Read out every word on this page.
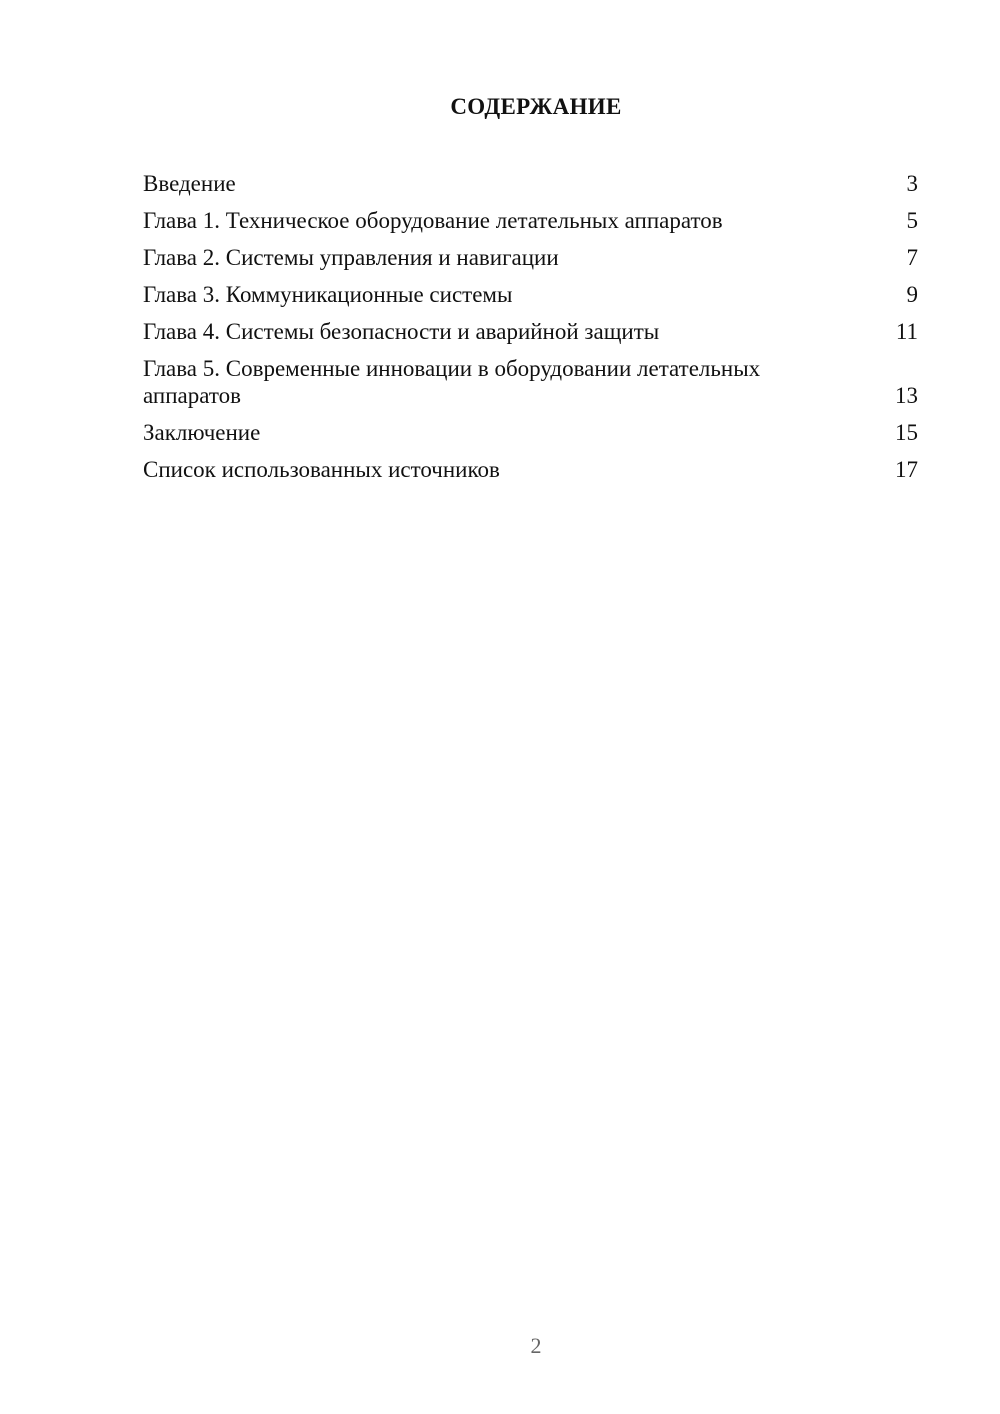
СОДЕРЖАНИЕ
Введение	3
Глава 1. Техническое оборудование летательных аппаратов	5
Глава 2. Системы управления и навигации	7
Глава 3. Коммуникационные системы	9
Глава 4. Системы безопасности и аварийной защиты	11
Глава 5. Современные инновации в оборудовании летательных аппаратов	13
Заключение	15
Список использованных источников	17
2
